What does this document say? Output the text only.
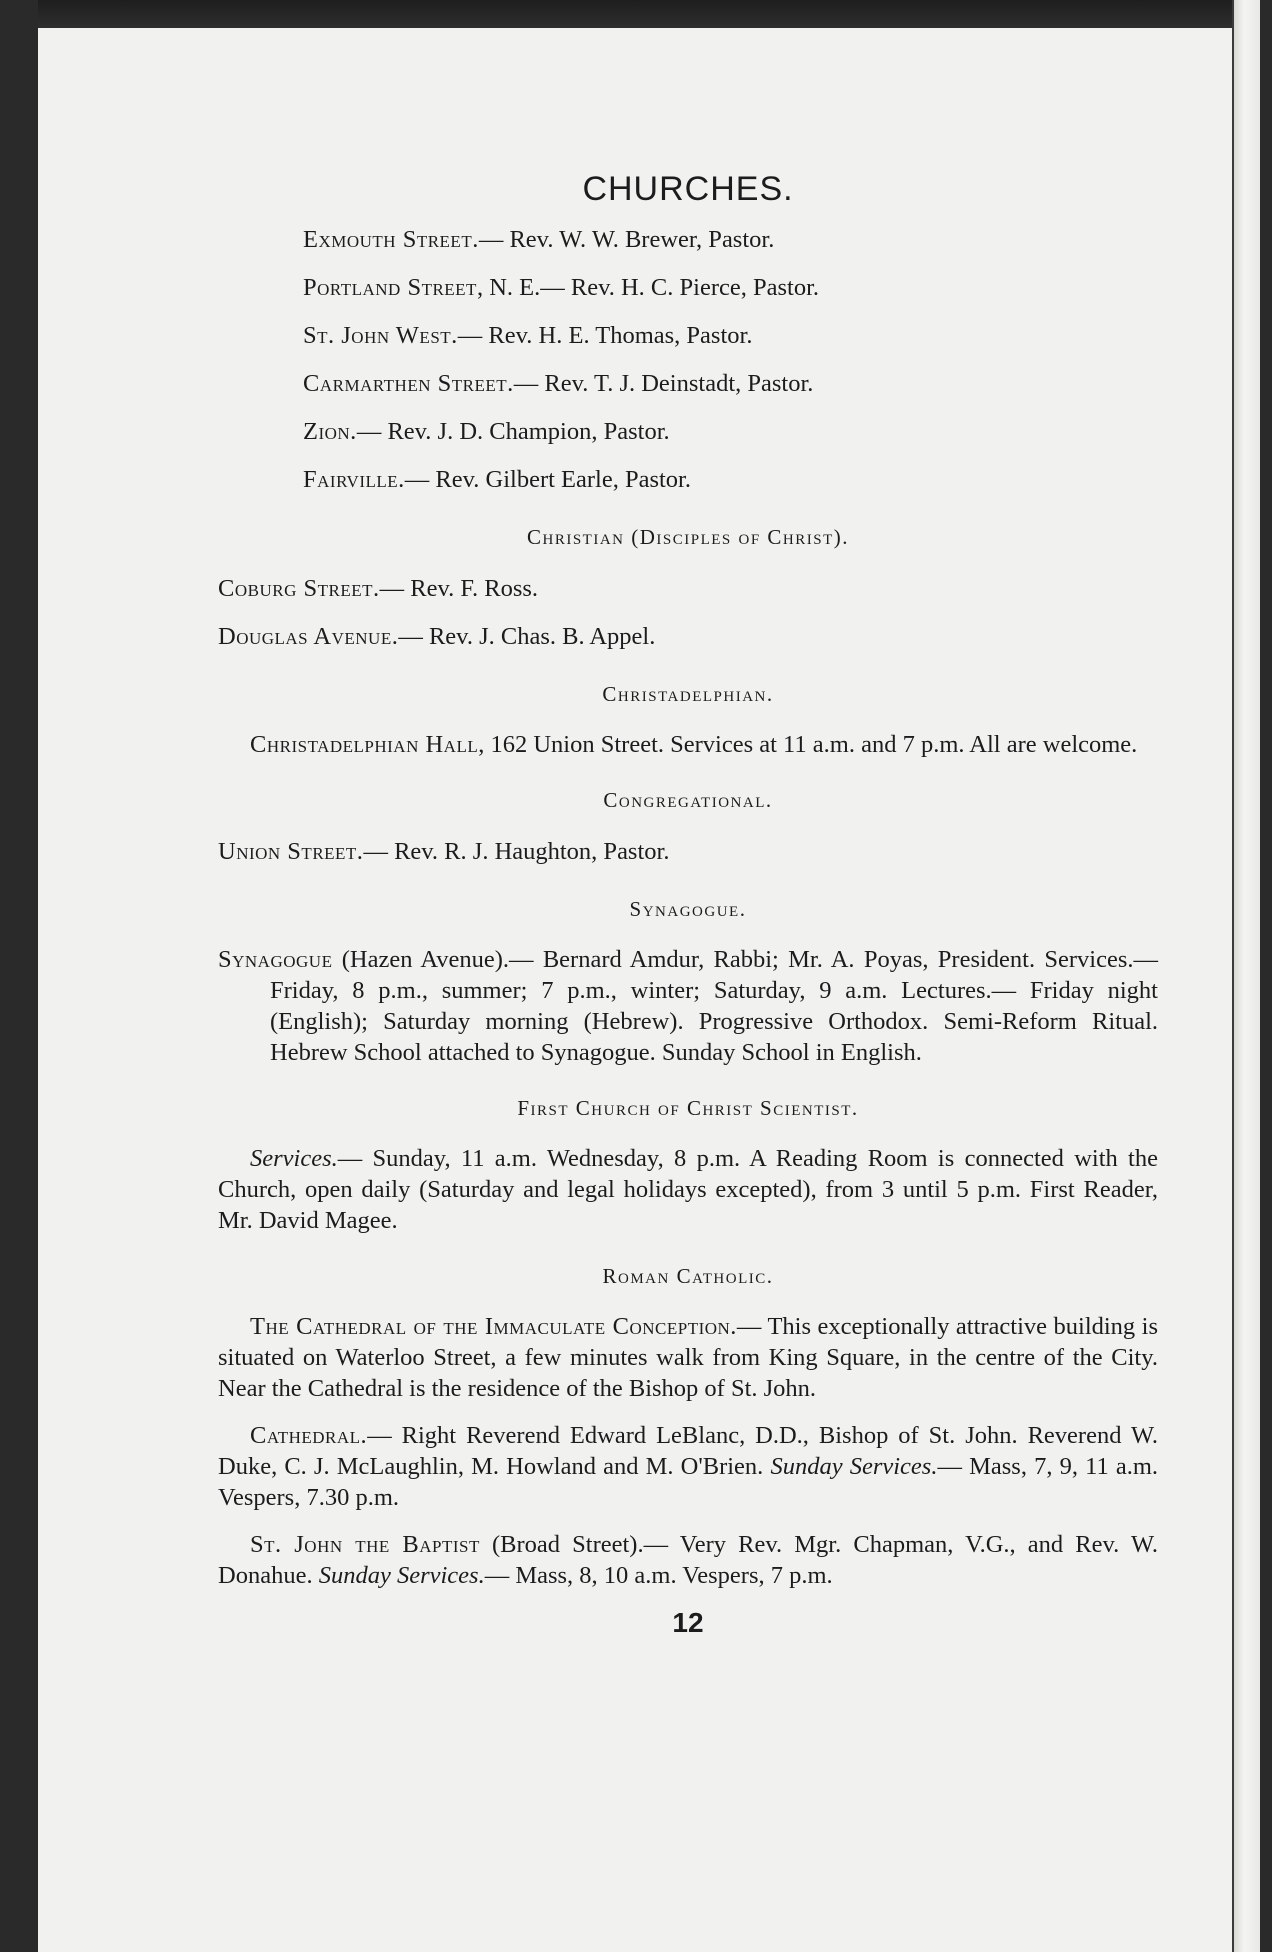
CHURCHES.
Exmouth Street.— Rev. W. W. Brewer, Pastor.
Portland Street, N. E.— Rev. H. C. Pierce, Pastor.
St. John West.— Rev. H. E. Thomas, Pastor.
Carmarthen Street.— Rev. T. J. Deinstadt, Pastor.
Zion.— Rev. J. D. Champion, Pastor.
Fairville.— Rev. Gilbert Earle, Pastor.
Christian (Disciples of Christ).
Coburg Street.— Rev. F. Ross.
Douglas Avenue.— Rev. J. Chas. B. Appel.
Christadelphian.
Christadelphian Hall, 162 Union Street. Services at 11 a.m. and 7 p.m. All are welcome.
Congregational.
Union Street.— Rev. R. J. Haughton, Pastor.
Synagogue.
Synagogue (Hazen Avenue).— Bernard Amdur, Rabbi; Mr. A. Poyas, President. Services.— Friday, 8 p.m., summer; 7 p.m., winter; Saturday, 9 a.m. Lectures.— Friday night (English); Saturday morning (Hebrew). Progressive Orthodox. Semi-Reform Ritual. Hebrew School attached to Synagogue. Sunday School in English.
First Church of Christ Scientist.
Services.— Sunday, 11 a.m. Wednesday, 8 p.m. A Reading Room is connected with the Church, open daily (Saturday and legal holidays excepted), from 3 until 5 p.m. First Reader, Mr. David Magee.
Roman Catholic.
The Cathedral of the Immaculate Conception.— This exceptionally attractive building is situated on Waterloo Street, a few minutes walk from King Square, in the centre of the City. Near the Cathedral is the residence of the Bishop of St. John.
Cathedral.— Right Reverend Edward LeBlanc, D.D., Bishop of St. John. Reverend W. Duke, C. J. McLaughlin, M. Howland and M. O'Brien. Sunday Services.— Mass, 7, 9, 11 a.m. Vespers, 7.30 p.m.
St. John the Baptist (Broad Street).— Very Rev. Mgr. Chapman, V.G., and Rev. W. Donahue. Sunday Services.— Mass, 8, 10 a.m. Vespers, 7 p.m.
12
